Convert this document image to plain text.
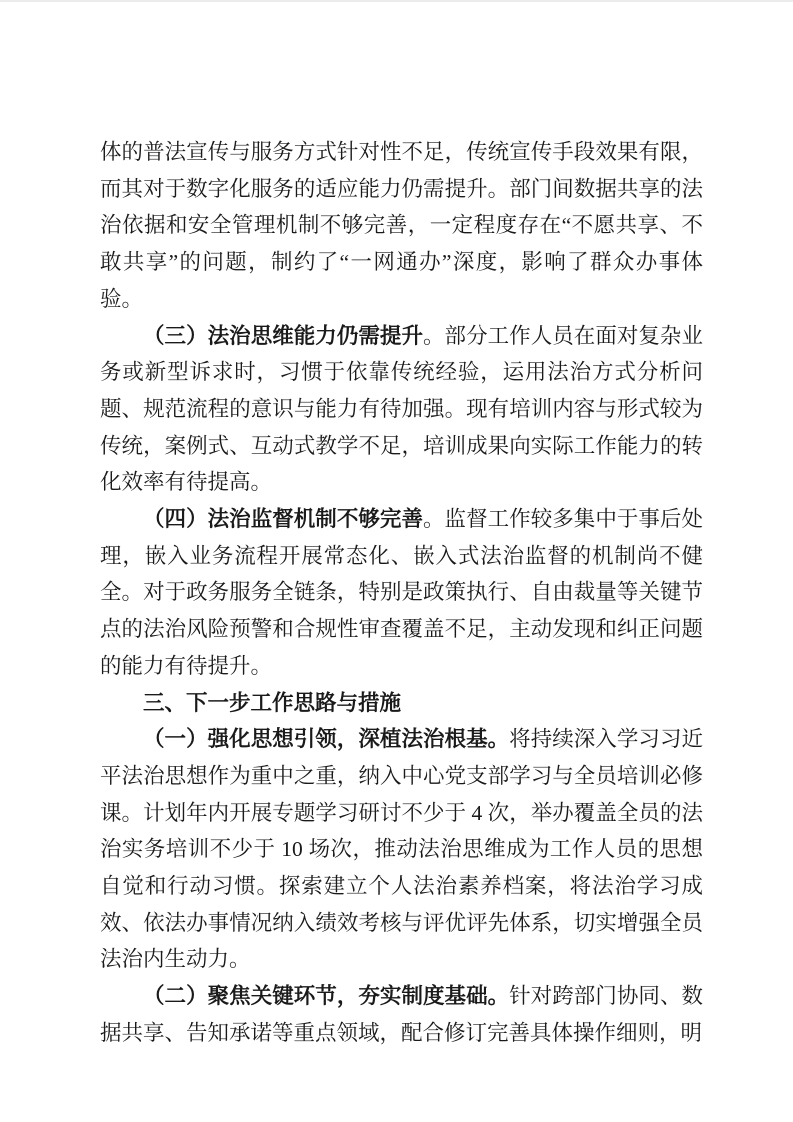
体的普法宣传与服务方式针对性不足，传统宣传手段效果有限，而其对于数字化服务的适应能力仍需提升。部门间数据共享的法治依据和安全管理机制不够完善，一定程度存在“不愿共享、不敢共享”的问题，制约了“一网通办”深度，影响了群众办事体验。

（三）法治思维能力仍需提升。部分工作人员在面对复杂业务或新型诉求时，习惯于依靠传统经验，运用法治方式分析问题、规范流程的意识与能力有待加强。现有培训内容与形式较为传统，案例式、互动式教学不足，培训成果向实际工作能力的转化效率有待提高。

（四）法治监督机制不够完善。监督工作较多集中于事后处理，嵌入业务流程开展常态化、嵌入式法治监督的机制尚不健全。对于政务服务全链条，特别是政策执行、自由裁量等关键节点的法治风险预警和合规性审查覆盖不足，主动发现和纠正问题的能力有待提升。

三、下一步工作思路与措施

（一）强化思想引领，深植法治根基。将持续深入学习习近平法治思想作为重中之重，纳入中心党支部学习与全员培训必修课。计划年内开展专题学习研讨不少于 4 次，举办覆盖全员的法治实务培训不少于 10 场次，推动法治思维成为工作人员的思想自觉和行动习惯。探索建立个人法治素养档案，将法治学习成效、依法办事情况纳入绩效考核与评优评先体系，切实增强全员法治内生动力。

（二）聚焦关键环节，夯实制度基础。针对跨部门协同、数据共享、告知承诺等重点领域，配合修订完善具体操作细则，明
